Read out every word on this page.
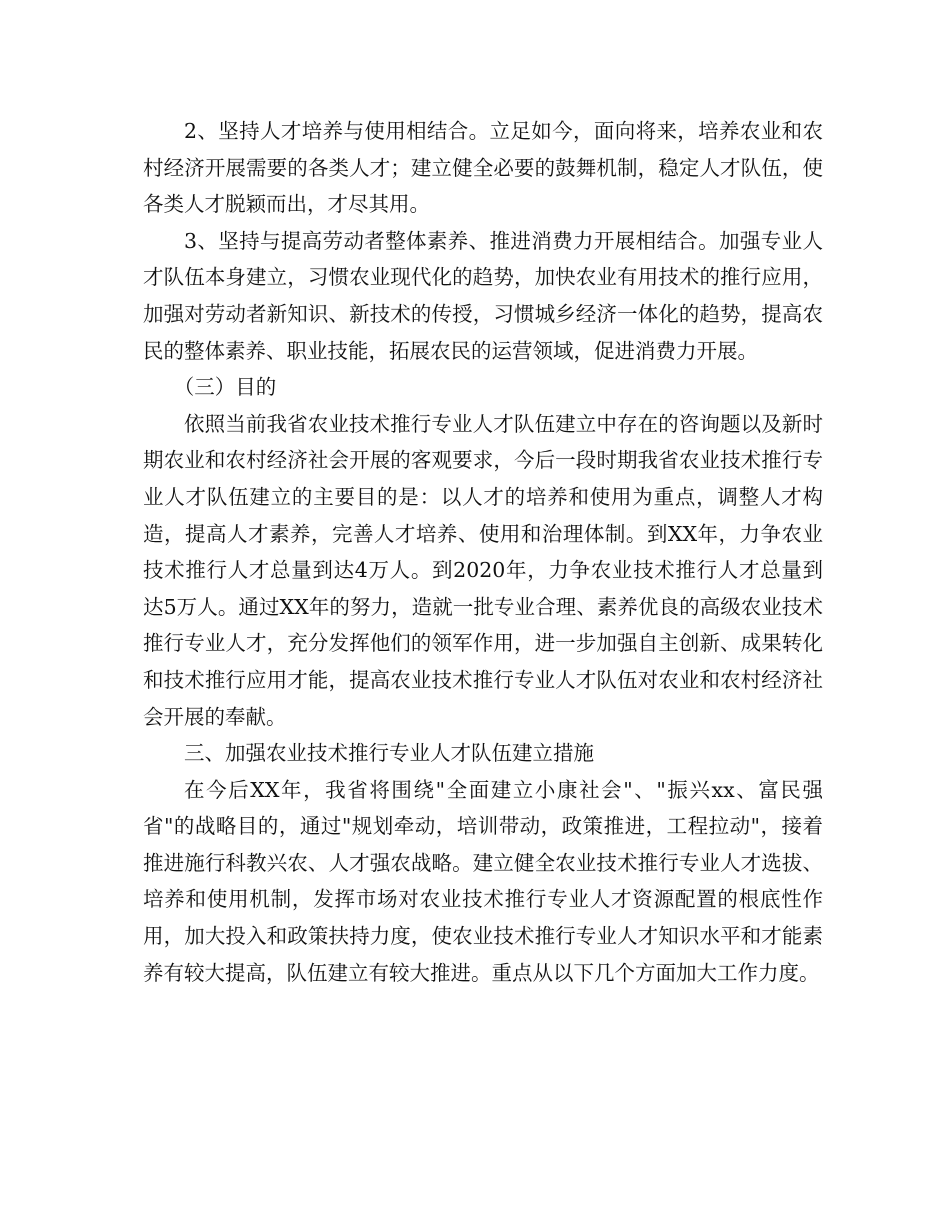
2、坚持人才培养与使用相结合。立足如今，面向将来，培养农业和农村经济开展需要的各类人才；建立健全必要的鼓舞机制，稳定人才队伍，使各类人才脱颖而出，才尽其用。

3、坚持与提高劳动者整体素养、推进消费力开展相结合。加强专业人才队伍本身建立，习惯农业现代化的趋势，加快农业有用技术的推行应用，加强对劳动者新知识、新技术的传授，习惯城乡经济一体化的趋势，提高农民的整体素养、职业技能，拓展农民的运营领域，促进消费力开展。

（三）目的

依照当前我省农业技术推行专业人才队伍建立中存在的咨询题以及新时期农业和农村经济社会开展的客观要求，今后一段时期我省农业技术推行专业人才队伍建立的主要目的是：以人才的培养和使用为重点，调整人才构造，提高人才素养，完善人才培养、使用和治理体制。到XX年，力争农业技术推行人才总量到达4万人。到2020年，力争农业技术推行人才总量到达5万人。通过XX年的努力，造就一批专业合理、素养优良的高级农业技术推行专业人才，充分发挥他们的领军作用，进一步加强自主创新、成果转化和技术推行应用才能，提高农业技术推行专业人才队伍对农业和农村经济社会开展的奉献。

三、加强农业技术推行专业人才队伍建立措施

在今后XX年，我省将围绕"全面建立小康社会"、"振兴xx、富民强省"的战略目的，通过"规划牵动，培训带动，政策推进，工程拉动"，接着推进施行科教兴农、人才强农战略。建立健全农业技术推行专业人才选拔、培养和使用机制，发挥市场对农业技术推行专业人才资源配置的根底性作用，加大投入和政策扶持力度，使农业技术推行专业人才知识水平和才能素养有较大提高，队伍建立有较大推进。重点从以下几个方面加大工作力度。
